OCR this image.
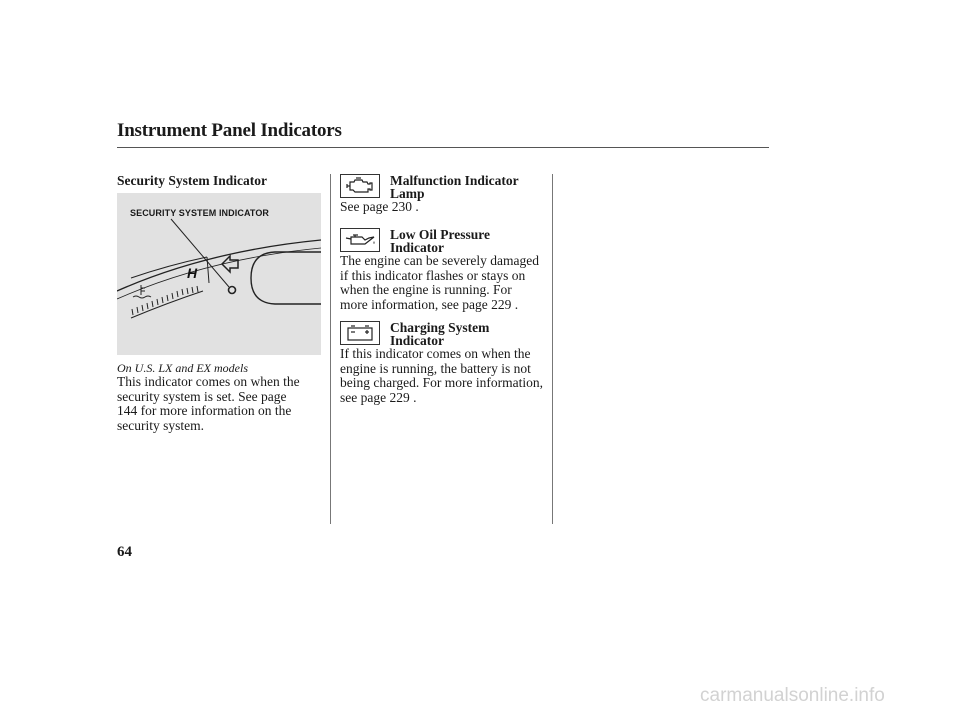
Instrument Panel Indicators
Security System Indicator
SECURITY SYSTEM INDICATOR
H
On U.S. LX and EX models
This indicator comes on when the
security system is set. See page
144 for more information on the
security system.
Malfunction Indicator
Lamp
See page 230 .
Low Oil Pressure
Indicator
The engine can be severely damaged
if this indicator flashes or stays on
when the engine is running. For
more information, see page 229 .
Charging System
Indicator
If this indicator comes on when the
engine is running, the battery is not
being charged. For more information,
see page 229 .
64
carmanualsonline.info
